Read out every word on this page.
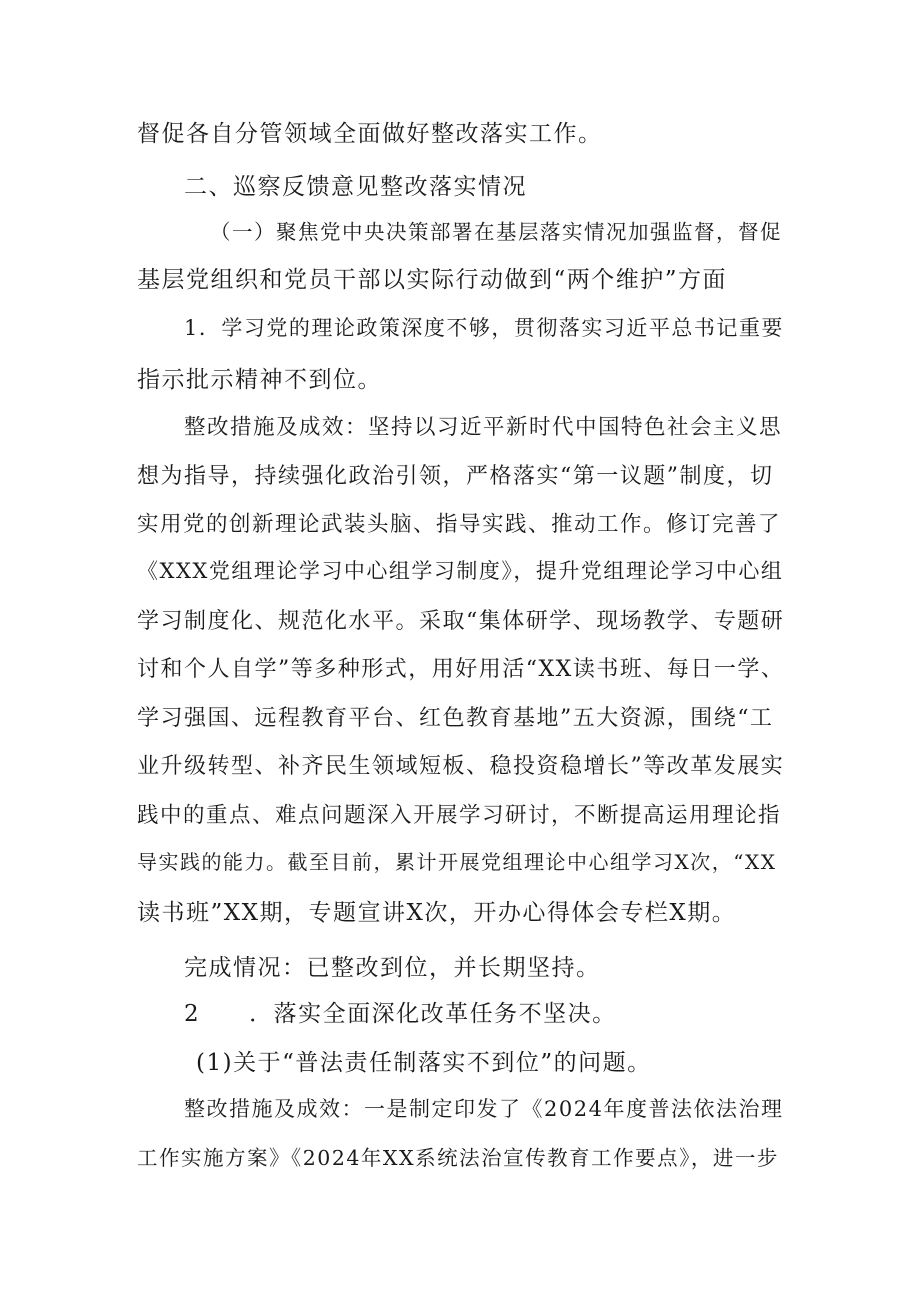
督促各自分管领域全面做好整改落实工作。
二、巡察反馈意见整改落实情况
（一）聚焦党中央决策部署在基层落实情况加强监督，督促
基层党组织和党员干部以实际行动做到“两个维护”方面
1．学习党的理论政策深度不够，贯彻落实习近平总书记重要
指示批示精神不到位。
整改措施及成效：坚持以习近平新时代中国特色社会主义思
想为指导，持续强化政治引领，严格落实“第一议题”制度，切
实用党的创新理论武装头脑、指导实践、推动工作。修订完善了
《XXX党组理论学习中心组学习制度》，提升党组理论学习中心组
学习制度化、规范化水平。采取“集体研学、现场教学、专题研
讨和个人自学”等多种形式，用好用活“XX读书班、每日一学、
学习强国、远程教育平台、红色教育基地”五大资源，围绕“工
业升级转型、补齐民生领域短板、稳投资稳增长”等改革发展实
践中的重点、难点问题深入开展学习研讨，不断提高运用理论指
导实践的能力。截至目前，累计开展党组理论中心组学习X次，“XX
读书班”XX期，专题宣讲X次，开办心得体会专栏X期。
完成情况：已整改到位，并长期坚持。
2　　．落实全面深化改革任务不坚决。
(1)关于“普法责任制落实不到位”的问题。
整改措施及成效：一是制定印发了《2024年度普法依法治理
工作实施方案》《2024年XX系统法治宣传教育工作要点》，进一步
